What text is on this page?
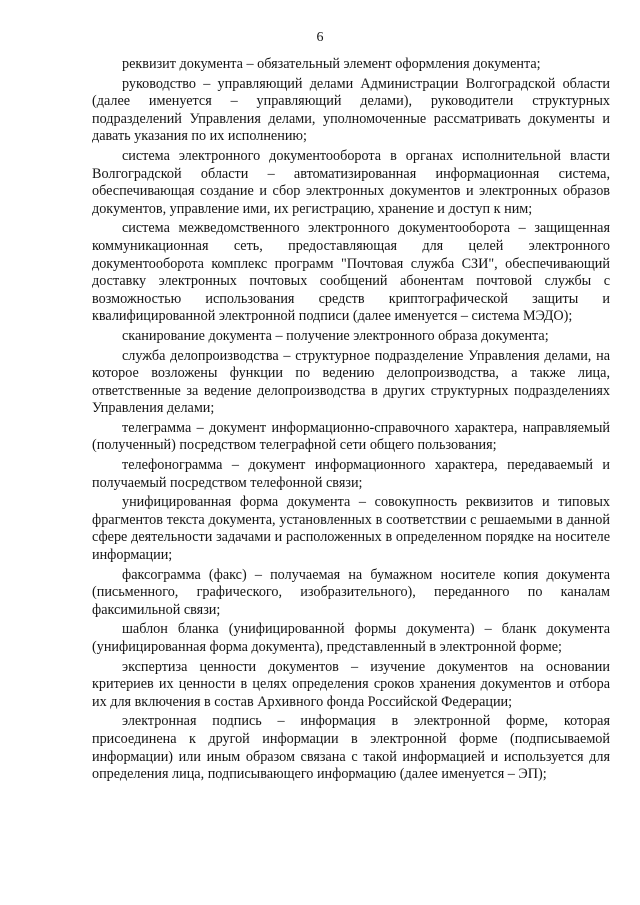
6

реквизит документа – обязательный элемент оформления документа;

руководство – управляющий делами Администрации Волгоградской области (далее именуется – управляющий делами), руководители структурных подразделений Управления делами, уполномоченные рассматривать документы и давать указания по их исполнению;

система электронного документооборота в органах исполнительной власти Волгоградской области – автоматизированная информационная система, обеспечивающая создание и сбор электронных документов и электронных образов документов, управление ими, их регистрацию, хранение и доступ к ним;

система межведомственного электронного документооборота – защищенная коммуникационная сеть, предоставляющая для целей электронного документооборота комплекс программ "Почтовая служба СЗИ", обеспечивающий доставку электронных почтовых сообщений абонентам почтовой службы с возможностью использования средств криптографической защиты и квалифицированной электронной подписи (далее именуется – система МЭДО);

сканирование документа – получение электронного образа документа;

служба делопроизводства – структурное подразделение Управления делами, на которое возложены функции по ведению делопроизводства, а также лица, ответственные за ведение делопроизводства в других структурных подразделениях Управления делами;

телеграмма – документ информационно-справочного характера, направляемый (полученный) посредством телеграфной сети общего пользования;

телефонограмма – документ информационного характера, передаваемый и получаемый посредством телефонной связи;

унифицированная форма документа – совокупность реквизитов и типовых фрагментов текста документа, установленных в соответствии с решаемыми в данной сфере деятельности задачами и расположенных в определенном порядке на носителе информации;

факсограмма (факс) – получаемая на бумажном носителе копия документа (письменного, графического, изобразительного), переданного по каналам факсимильной связи;

шаблон бланка (унифицированной формы документа) – бланк документа (унифицированная форма документа), представленный в электронной форме;

экспертиза ценности документов – изучение документов на основании критериев их ценности в целях определения сроков хранения документов и отбора их для включения в состав Архивного фонда Российской Федерации;

электронная подпись – информация в электронной форме, которая присоединена к другой информации в электронной форме (подписываемой информации) или иным образом связана с такой информацией и используется для определения лица, подписывающего информацию (далее именуется – ЭП);
